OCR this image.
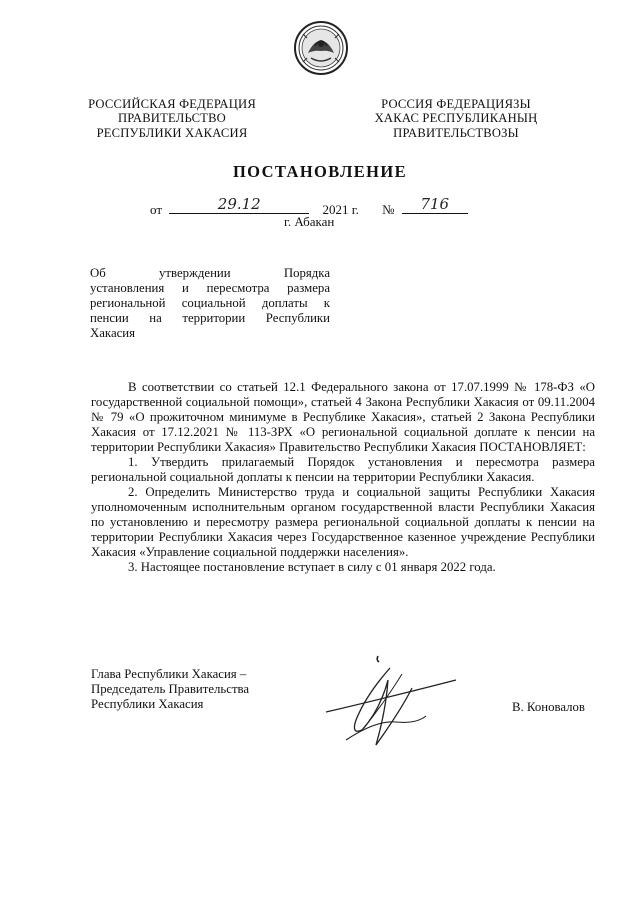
РОССИЙСКАЯ ФЕДЕРАЦИЯ
ПРАВИТЕЛЬСТВО
РЕСПУБЛИКИ ХАКАСИЯ
РОССИЯ ФЕДЕРАЦИЯЗЫ
ХАКАС РЕСПУБЛИКАНЫҢ
ПРАВИТЕЛЬСТВОЗЫ
ПОСТАНОВЛЕНИЕ
от	29.12	2021 г. №	716
г. Абакан
Об утверждении Порядка
установления и пересмотра размера
региональной социальной доплаты к
пенсии на территории Республики
Хакасия
В соответствии со статьей 12.1 Федерального закона от 17.07.1999 № 178-ФЗ «О государственной социальной помощи», статьей 4 Закона Республики Хакасия от 09.11.2004 № 79 «О прожиточном минимуме в Республике Хакасия», статьей 2 Закона Республики Хакасия от 17.12.2021 № 113-ЗРХ «О региональной социальной доплате к пенсии на территории Республики Хакасия» Правительство Республики Хакасия ПОСТАНОВЛЯЕТ:
1. Утвердить прилагаемый Порядок установления и пересмотра размера региональной социальной доплаты к пенсии на территории Республики Хакасия.
2. Определить Министерство труда и социальной защиты Республики Хакасия уполномоченным исполнительным органом государственной власти Республики Хакасия по установлению и пересмотру размера региональной социальной доплаты к пенсии на территории Республики Хакасия через Государственное казенное учреждение Республики Хакасия «Управление социальной поддержки населения».
3. Настоящее постановление вступает в силу с 01 января 2022 года.
Глава Республики Хакасия –
Председатель Правительства
Республики Хакасия	В. Коновалов
